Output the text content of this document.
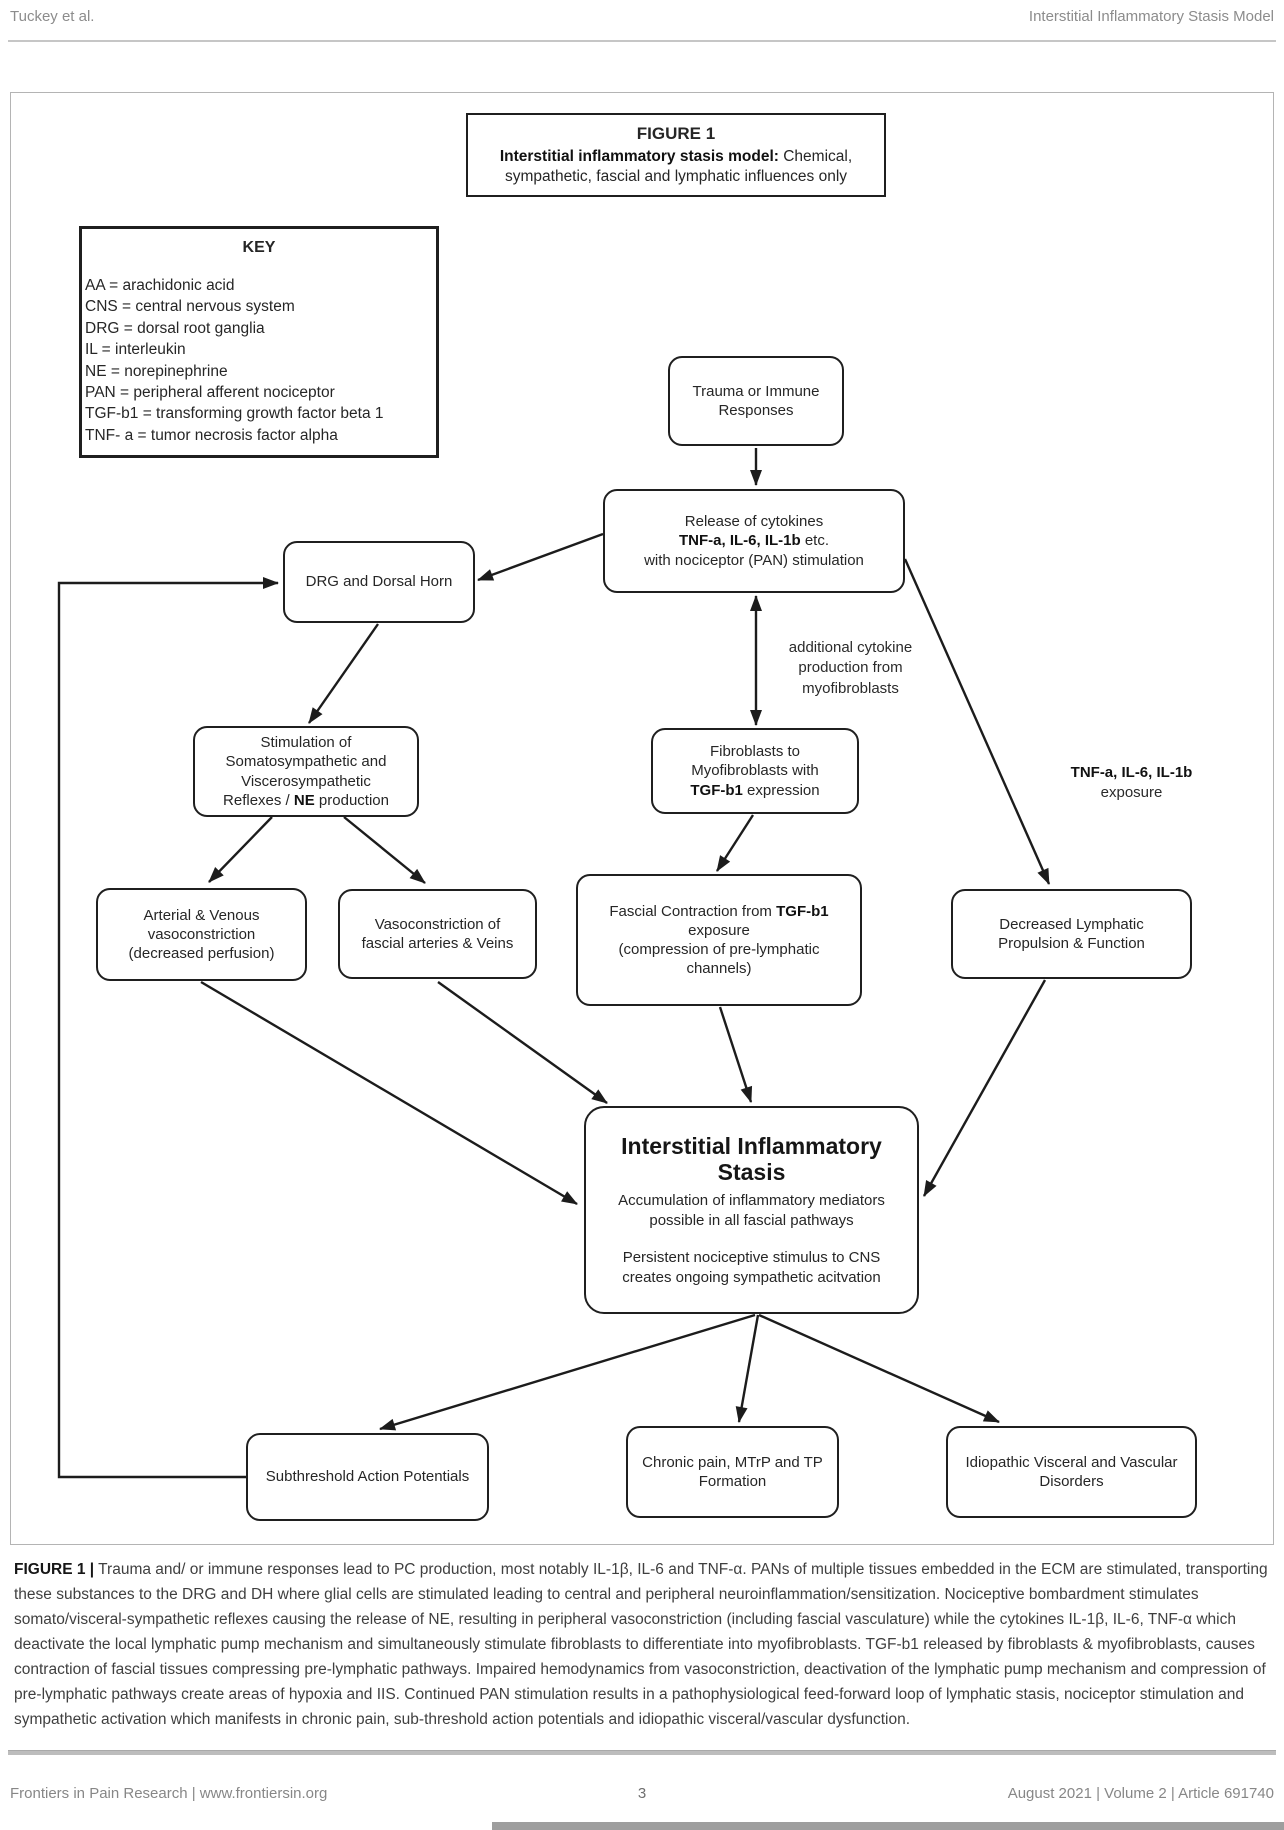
Tuckey et al.	Interstitial Inflammatory Stasis Model
FIGURE 1
Interstitial inflammatory stasis model: Chemical,
sympathetic, fascial and lymphatic influences only
KEY
AA = arachidonic acid
CNS = central nervous system
DRG = dorsal root ganglia
IL = interleukin
NE = norepinephrine
PAN = peripheral afferent nociceptor
TGF-b1 = transforming growth factor beta 1
TNF- a = tumor necrosis factor alpha
Trauma or Immune
Responses
Release of cytokines
TNF-a, IL-6, IL-1b etc.
with nociceptor (PAN) stimulation
DRG and Dorsal Horn
additional cytokine
production from
myofibroblasts
Fibroblasts to
Myofibroblasts with
TGF-b1 expression
Stimulation of
Somatosympathetic and
Viscerosympathetic
Reflexes / NE production
TNF-a, IL-6, IL-1b
exposure
Arterial & Venous
vasoconstriction
(decreased perfusion)
Vasoconstriction of
fascial arteries & Veins
Fascial Contraction from TGF-b1 exposure
(compression of pre-lymphatic channels)
Decreased Lymphatic
Propulsion & Function
Interstitial Inflammatory
Stasis
Accumulation of inflammatory mediators
possible in all fascial pathways
Persistent nociceptive stimulus to CNS
creates ongoing sympathetic acitvation
Subthreshold Action Potentials
Chronic pain, MTrP and TP
Formation
Idiopathic Visceral and Vascular
Disorders
FIGURE 1 | Trauma and/ or immune responses lead to PC production, most notably IL-1β, IL-6 and TNF-α. PANs of multiple tissues embedded in the ECM are stimulated, transporting these substances to the DRG and DH where glial cells are stimulated leading to central and peripheral neuroinflammation/sensitization. Nociceptive bombardment stimulates somato/visceral-sympathetic reflexes causing the release of NE, resulting in peripheral vasoconstriction (including fascial vasculature) while the cytokines IL-1β, IL-6, TNF-α which deactivate the local lymphatic pump mechanism and simultaneously stimulate fibroblasts to differentiate into myofibroblasts. TGF-b1 released by fibroblasts & myofibroblasts, causes contraction of fascial tissues compressing pre-lymphatic pathways. Impaired hemodynamics from vasoconstriction, deactivation of the lymphatic pump mechanism and compression of pre-lymphatic pathways create areas of hypoxia and IIS. Continued PAN stimulation results in a pathophysiological feed-forward loop of lymphatic stasis, nociceptor stimulation and sympathetic activation which manifests in chronic pain, sub-threshold action potentials and idiopathic visceral/vascular dysfunction.
Frontiers in Pain Research | www.frontiersin.org	3	August 2021 | Volume 2 | Article 691740
